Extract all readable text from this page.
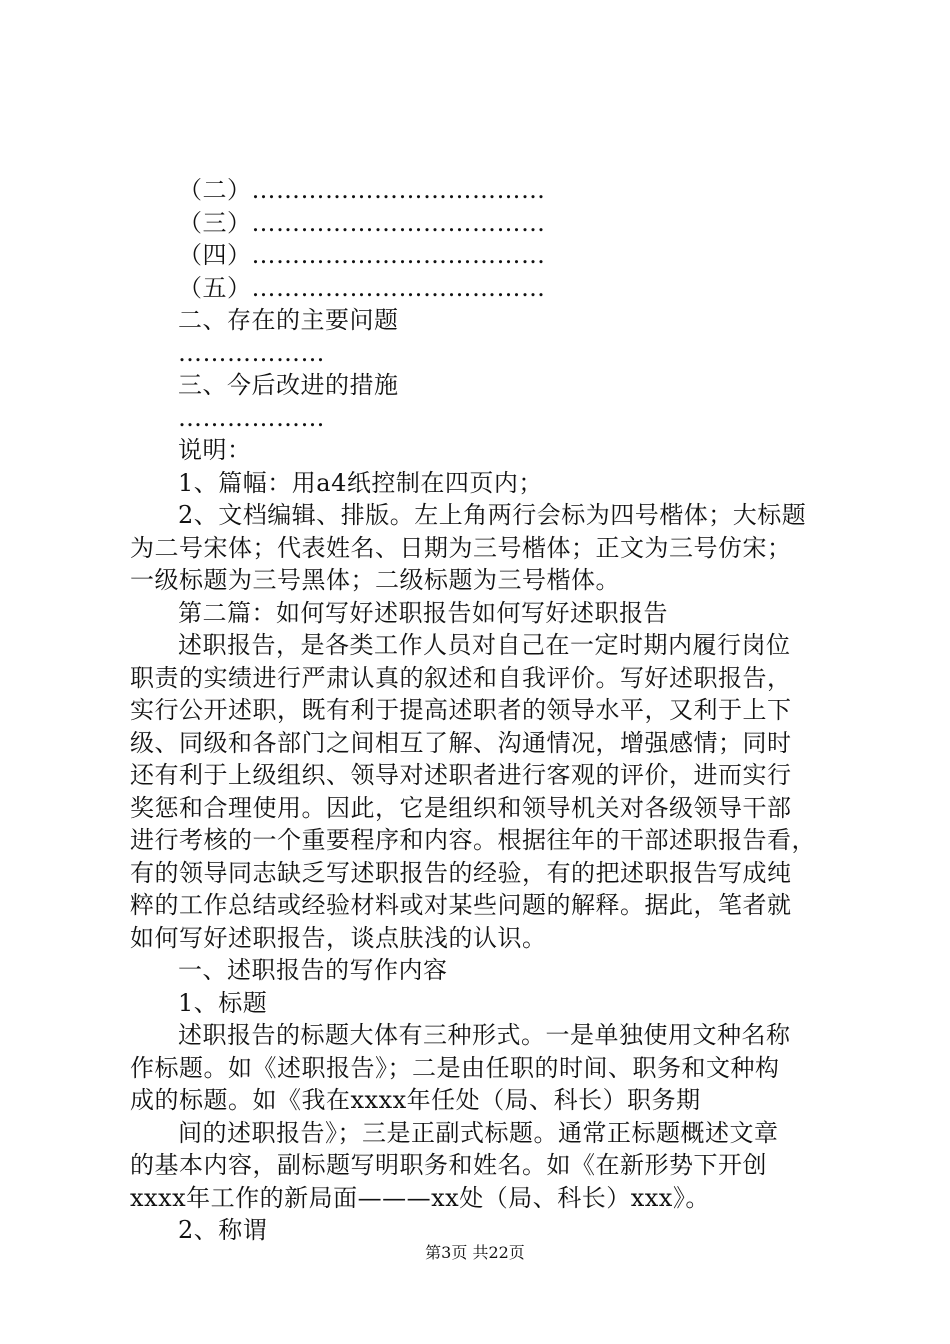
（二）………………………………
（三）………………………………
（四）………………………………
（五）………………………………
二、存在的主要问题
………………
三、今后改进的措施
………………
说明：
1、篇幅：用a4纸控制在四页内；
2、文档编辑、排版。左上角两行会标为四号楷体；大标题
为二号宋体；代表姓名、日期为三号楷体；正文为三号仿宋；
一级标题为三号黑体；二级标题为三号楷体。
第二篇：如何写好述职报告如何写好述职报告
述职报告，是各类工作人员对自己在一定时期内履行岗位
职责的实绩进行严肃认真的叙述和自我评价。写好述职报告，
实行公开述职，既有利于提高述职者的领导水平，又利于上下
级、同级和各部门之间相互了解、沟通情况，增强感情；同时
还有利于上级组织、领导对述职者进行客观的评价，进而实行
奖惩和合理使用。因此，它是组织和领导机关对各级领导干部
进行考核的一个重要程序和内容。根据往年的干部述职报告看，
有的领导同志缺乏写述职报告的经验，有的把述职报告写成纯
粹的工作总结或经验材料或对某些问题的解释。据此，笔者就
如何写好述职报告，谈点肤浅的认识。
一、述职报告的写作内容
1、标题
述职报告的标题大体有三种形式。一是单独使用文种名称
作标题。如《述职报告》；二是由任职的时间、职务和文种构
成的标题。如《我在xxxx年任处（局、科长）职务期
间的述职报告》；三是正副式标题。通常正标题概述文章
的基本内容，副标题写明职务和姓名。如《在新形势下开创
xxxx年工作的新局面———xx处（局、科长）xxx》。
2、称谓
第3页 共22页
